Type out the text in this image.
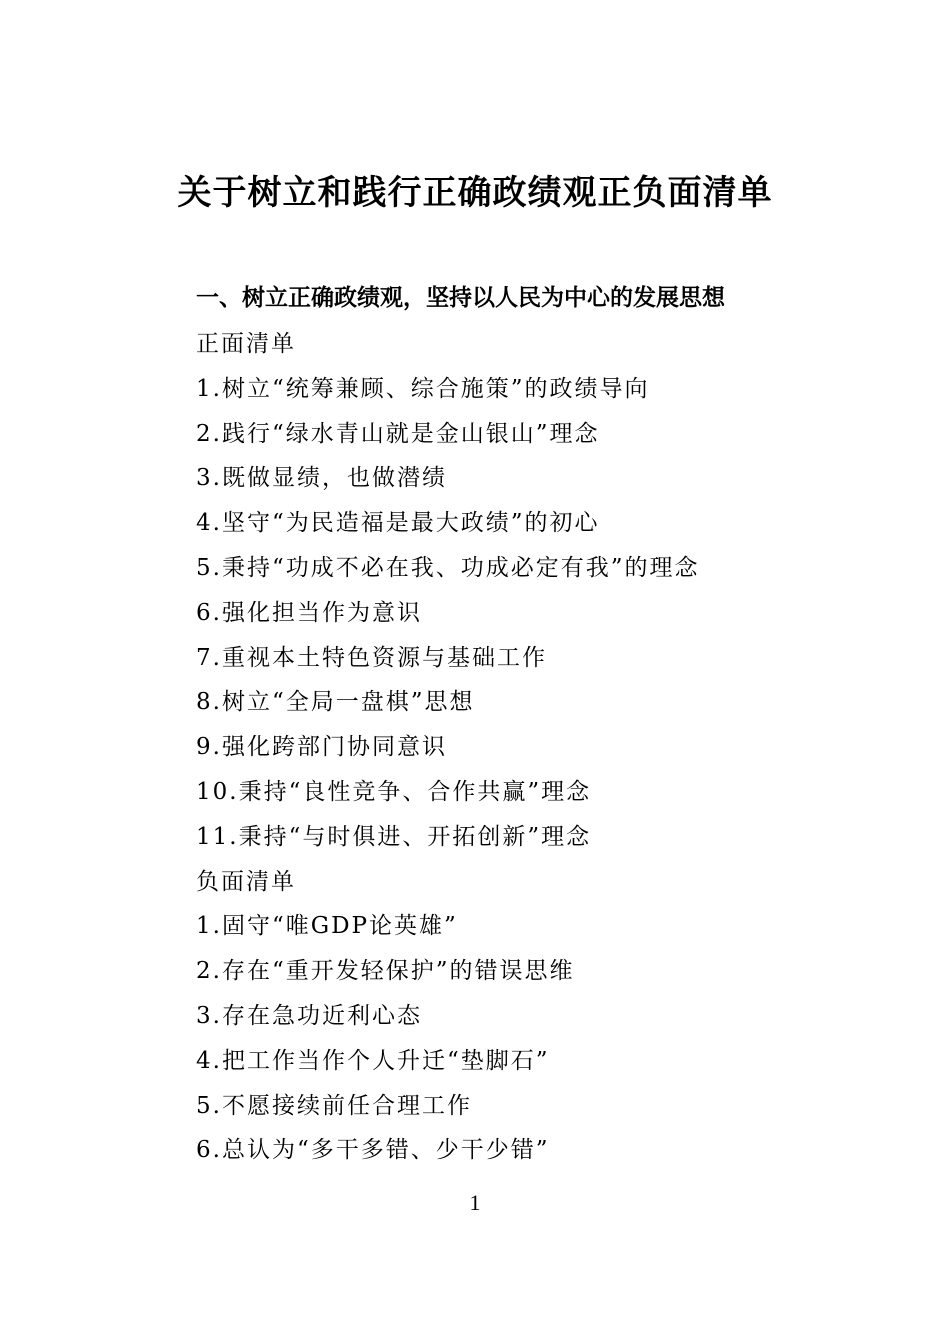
关于树立和践行正确政绩观正负面清单
一、树立正确政绩观，坚持以人民为中心的发展思想
正面清单
1.树立“统筹兼顾、综合施策”的政绩导向
2.践行“绿水青山就是金山银山”理念
3.既做显绩，也做潜绩
4.坚守“为民造福是最大政绩”的初心
5.秉持“功成不必在我、功成必定有我”的理念
6.强化担当作为意识
7.重视本土特色资源与基础工作
8.树立“全局一盘棋”思想
9.强化跨部门协同意识
10.秉持“良性竞争、合作共赢”理念
11.秉持“与时俱进、开拓创新”理念
负面清单
1.固守“唯GDP论英雄”
2.存在“重开发轻保护”的错误思维
3.存在急功近利心态
4.把工作当作个人升迁“垫脚石”
5.不愿接续前任合理工作
6.总认为“多干多错、少干少错”
1
